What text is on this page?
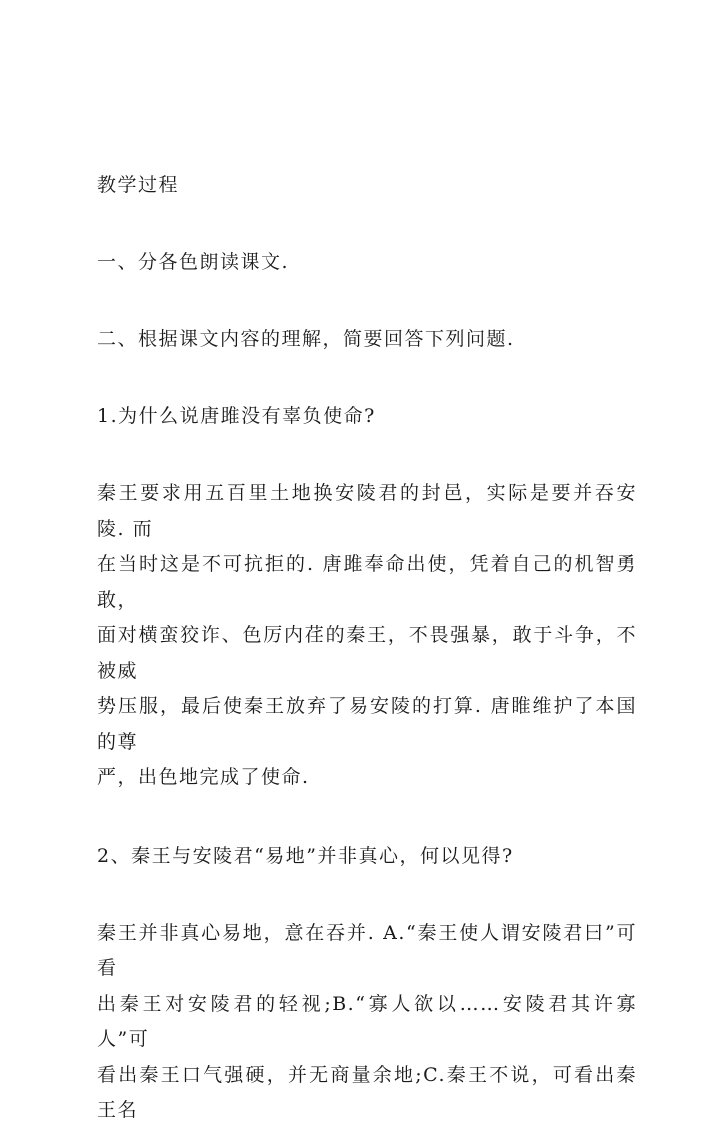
教学过程
一、分各色朗读课文.
二、根据课文内容的理解，简要回答下列问题.
1.为什么说唐雎没有辜负使命?
秦王要求用五百里土地换安陵君的封邑，实际是要并吞安陵. 而
在当时这是不可抗拒的. 唐雎奉命出使，凭着自己的机智勇敢，
面对横蛮狡诈、色厉内荏的秦王，不畏强暴，敢于斗争，不被威
势压服，最后使秦王放弃了易安陵的打算. 唐睢维护了本国的尊
严，出色地完成了使命.
2、秦王与安陵君“易地”并非真心，何以见得?
秦王并非真心易地，意在吞并. A.“秦王使人谓安陵君曰”可看
出秦王对安陵君的轻视;B.“寡人欲以……安陵君其许寡人”可
看出秦王口气强硬，并无商量余地;C.秦王不说，可看出秦王名
